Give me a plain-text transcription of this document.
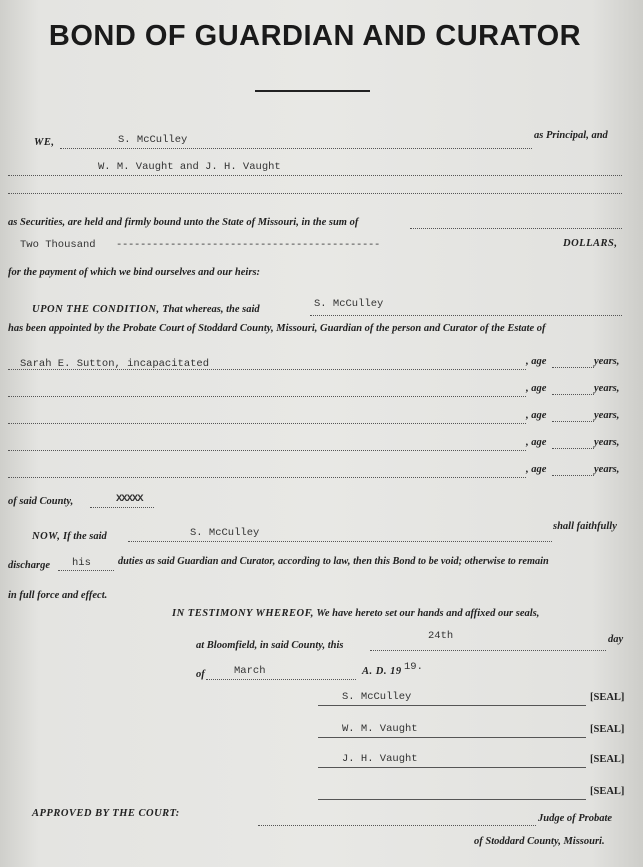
BOND OF GUARDIAN AND CURATOR
WE,	S. McCulley	as Principal, and
W. M. Vaught and J. H. Vaught
as Securities, are held and firmly bound unto the State of Missouri, in the sum of
Two Thousand --------------------------------------------	DOLLARS,
for the payment of which we bind ourselves and our heirs:
UPON THE CONDITION, That whereas, the said	S. McCulley
has been appointed by the Probate Court of Stoddard County, Missouri, Guardian of the person and Curator of the Estate of
Sarah E. Sutton, incapacitated	, age	years,
, age	years,
, age	years,
, age	years,
, age	years,
of said County,	XXXXX
NOW, If the said	S. McCulley
shall faithfully
discharge his	duties as said Guardian and Curator, according to law, then this Bond to be void; otherwise to remain
in full force and effect.
IN TESTIMONY WHEREOF, We have hereto set our hands and affixed our seals,
at Bloomfield, in said County, this
24th	day
of	March	A. D. 19 19.
S. McCulley	[SEAL]
W. M. Vaught	[SEAL]
J. H. Vaught	[SEAL]
[SEAL]
APPROVED BY THE COURT:	Judge of Probate
of Stoddard County, Missouri.
